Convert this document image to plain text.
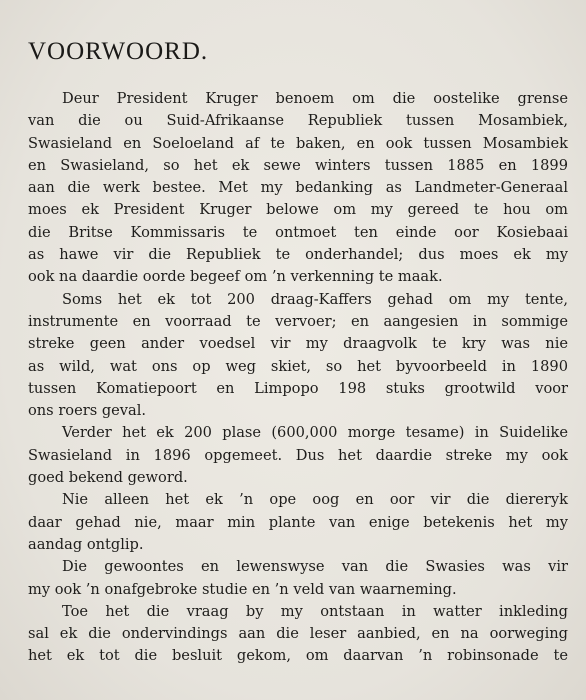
VOORWOORD.

Deur President Kruger benoem om die oostelike grense
van die ou Suid-Afrikaanse Republiek tussen Mosambiek,
Swasieland en Soeloeland af te baken, en ook tussen Mosambiek
en Swasieland, so het ek sewe winters tussen 1885 en 1899
aan die werk bestee. Met my bedanking as Landmeter-Generaal
moes ek President Kruger belowe om my gereed te hou om
die Britse Kommissaris te ontmoet ten einde oor Kosiebaai
as hawe vir die Republiek te onderhandel; dus moes ek my
ook na daardie oorde begeef om ’n verkenning te maak.

Soms het ek tot 200 draag-Kaffers gehad om my tente,
instrumente en voorraad te vervoer; en aangesien in sommige
streke geen ander voedsel vir my draagvolk te kry was nie
as wild, wat ons op weg skiet, so het byvoorbeeld in 1890
tussen Komatiepoort en Limpopo 198 stuks grootwild voor
ons roers geval.

Verder het ek 200 plase (600,000 morge tesame) in Suidelike
Swasieland in 1896 opgemeet. Dus het daardie streke my ook
goed bekend geword.

Nie alleen het ek ’n ope oog en oor vir die diereryk
daar gehad nie, maar min plante van enige betekenis het my
aandag ontglip.

Die gewoontes en lewenswyse van die Swasies was vir
my ook ’n onafgebroke studie en ’n veld van waarneming.

Toe het die vraag by my ontstaan in watter inkleding
sal ek die ondervindings aan die leser aanbied, en na oorweging
het ek tot die besluit gekom, om daarvan ’n robinsonade te
